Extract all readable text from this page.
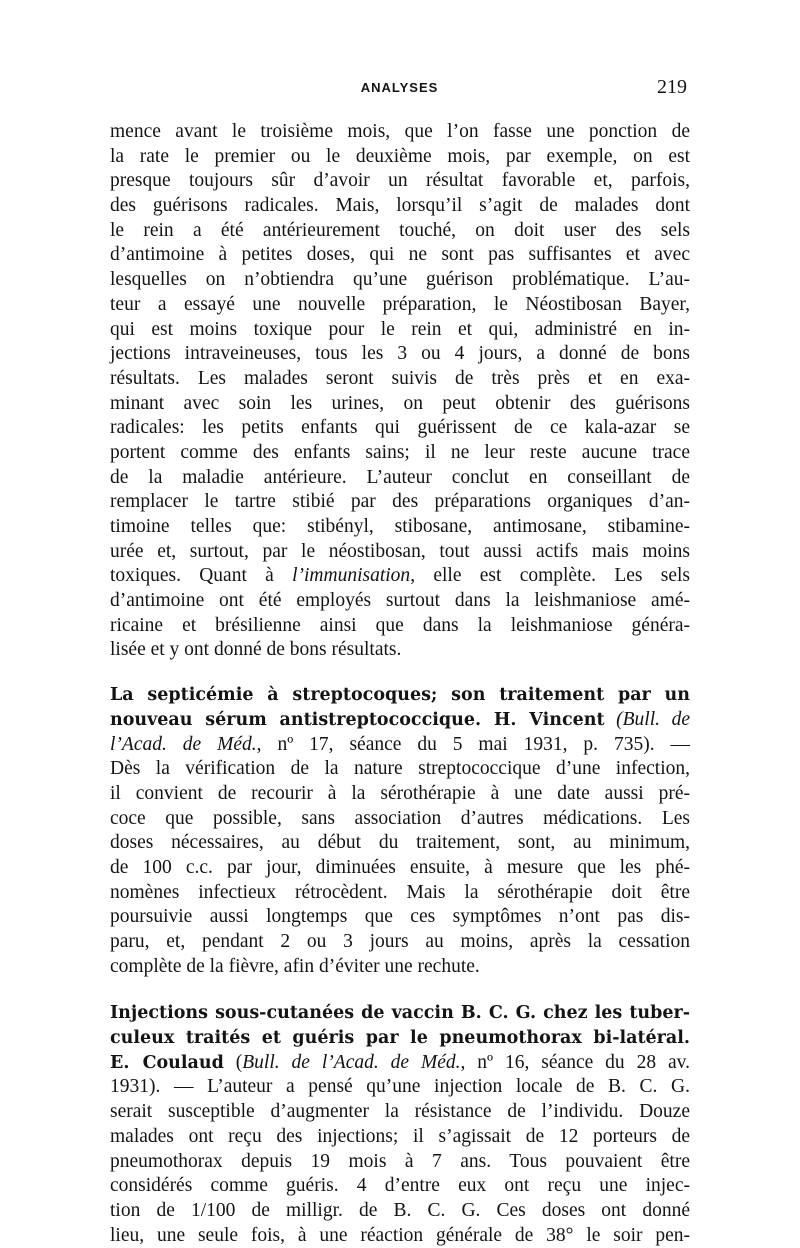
ANALYSES	219
mence avant le troisième mois, que l’on fasse une ponction de
la rate le premier ou le deuxième mois, par exemple, on est
presque toujours sûr d’avoir un résultat favorable et, parfois,
des guérisons radicales. Mais, lorsqu’il s’agit de malades dont
le rein a été antérieurement touché, on doit user des sels
d’antimoine à petites doses, qui ne sont pas suffisantes et avec
lesquelles on n’obtiendra qu’une guérison problématique. L’au-
teur a essayé une nouvelle préparation, le Néostibosan Bayer,
qui est moins toxique pour le rein et qui, administré en in-
jections intraveineuses, tous les 3 ou 4 jours, a donné de bons
résultats. Les malades seront suivis de très près et en exa-
minant avec soin les urines, on peut obtenir des guérisons
radicales: les petits enfants qui guérissent de ce kala-azar se
portent comme des enfants sains; il ne leur reste aucune trace
de la maladie antérieure. L’auteur conclut en conseillant de
remplacer le tartre stibié par des préparations organiques d’an-
timoine telles que: stibényl, stibosane, antimosane, stibamine-
urée et, surtout, par le néostibosan, tout aussi actifs mais moins
toxiques. Quant à l’immunisation, elle est complète. Les sels
d’antimoine ont été employés surtout dans la leishmaniose amé-
ricaine et brésilienne ainsi que dans la leishmaniose généra-
lisée et y ont donné de bons résultats.
La septicémie à streptocoques; son traitement par un
nouveau sérum antistreptococcique. H. Vincent (Bull. de
l’Acad. de Méd., nº 17, séance du 5 mai 1931, p. 735). —
Dès la vérification de la nature streptococcique d’une infection,
il convient de recourir à la sérothérapie à une date aussi pré-
coce que possible, sans association d’autres médications. Les
doses nécessaires, au début du traitement, sont, au minimum,
de 100 c.c. par jour, diminuées ensuite, à mesure que les phé-
nomènes infectieux rétrocèdent. Mais la sérothérapie doit être
poursuivie aussi longtemps que ces symptômes n’ont pas dis-
paru, et, pendant 2 ou 3 jours au moins, après la cessation
complète de la fièvre, afin d’éviter une rechute.
Injections sous-cutanées de vaccin B. C. G. chez les tuber-
culeux traités et guéris par le pneumothorax bi-latéral.
E. Coulaud (Bull. de l’Acad. de Méd., nº 16, séance du 28 av.
1931). — L’auteur a pensé qu’une injection locale de B. C. G.
serait susceptible d’augmenter la résistance de l’individu. Douze
malades ont reçu des injections; il s’agissait de 12 porteurs de
pneumothorax depuis 19 mois à 7 ans. Tous pouvaient être
considérés comme guéris. 4 d’entre eux ont reçu une injec-
tion de 1/100 de milligr. de B. C. G. Ces doses ont donné
lieu, une seule fois, à une réaction générale de 38° le soir pen-
